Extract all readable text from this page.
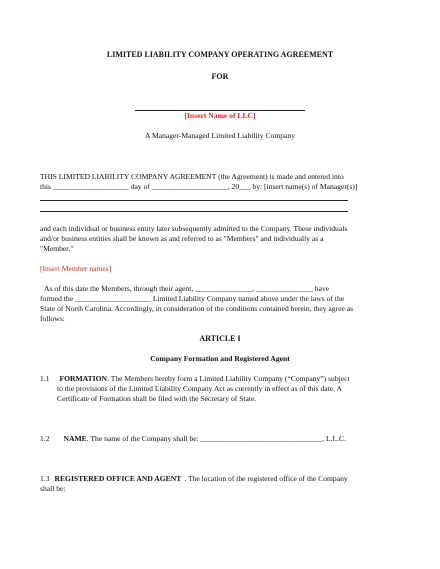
LIMITED LIABILITY COMPANY OPERATING AGREEMENT
FOR
[Insert Name of LLC]
A Manager-Managed Limited Liability Company
THIS LIMITED LIABILITY COMPANY AGREEMENT (the Agreement) is made and entered into
this ____________________ day of ____________________, 20___ by: [insert name(s) of Manager(s)]
and each individual or business entity later subsequently admitted to the Company. These individuals
and/or business entities shall be known as and referred to as "Members" and individually as a
"Member."
[Insert Member names]
As of this date the Members, through their agent, _______________, _______________ have
formed the ____________________ Limited Liability Company named above under the laws of the
State of North Carolina. Accordingly, in consideration of the conditions contained herein, they agree as
follows:
ARTICLE I
Company Formation and Registered Agent
1.1 FORMATION. The Members hereby form a Limited Liability Company (“Company”) subject
to the provisions of the Limited Liability Company Act as currently in effect as of this date. A
Certificate of Formation shall be filed with the Secretary of State.
1.2 NAME. The name of the Company shall be: ________________________________, L.L.C.
1.3 REGISTERED OFFICE AND AGENT . The location of the registered office of the Company
shall be:
